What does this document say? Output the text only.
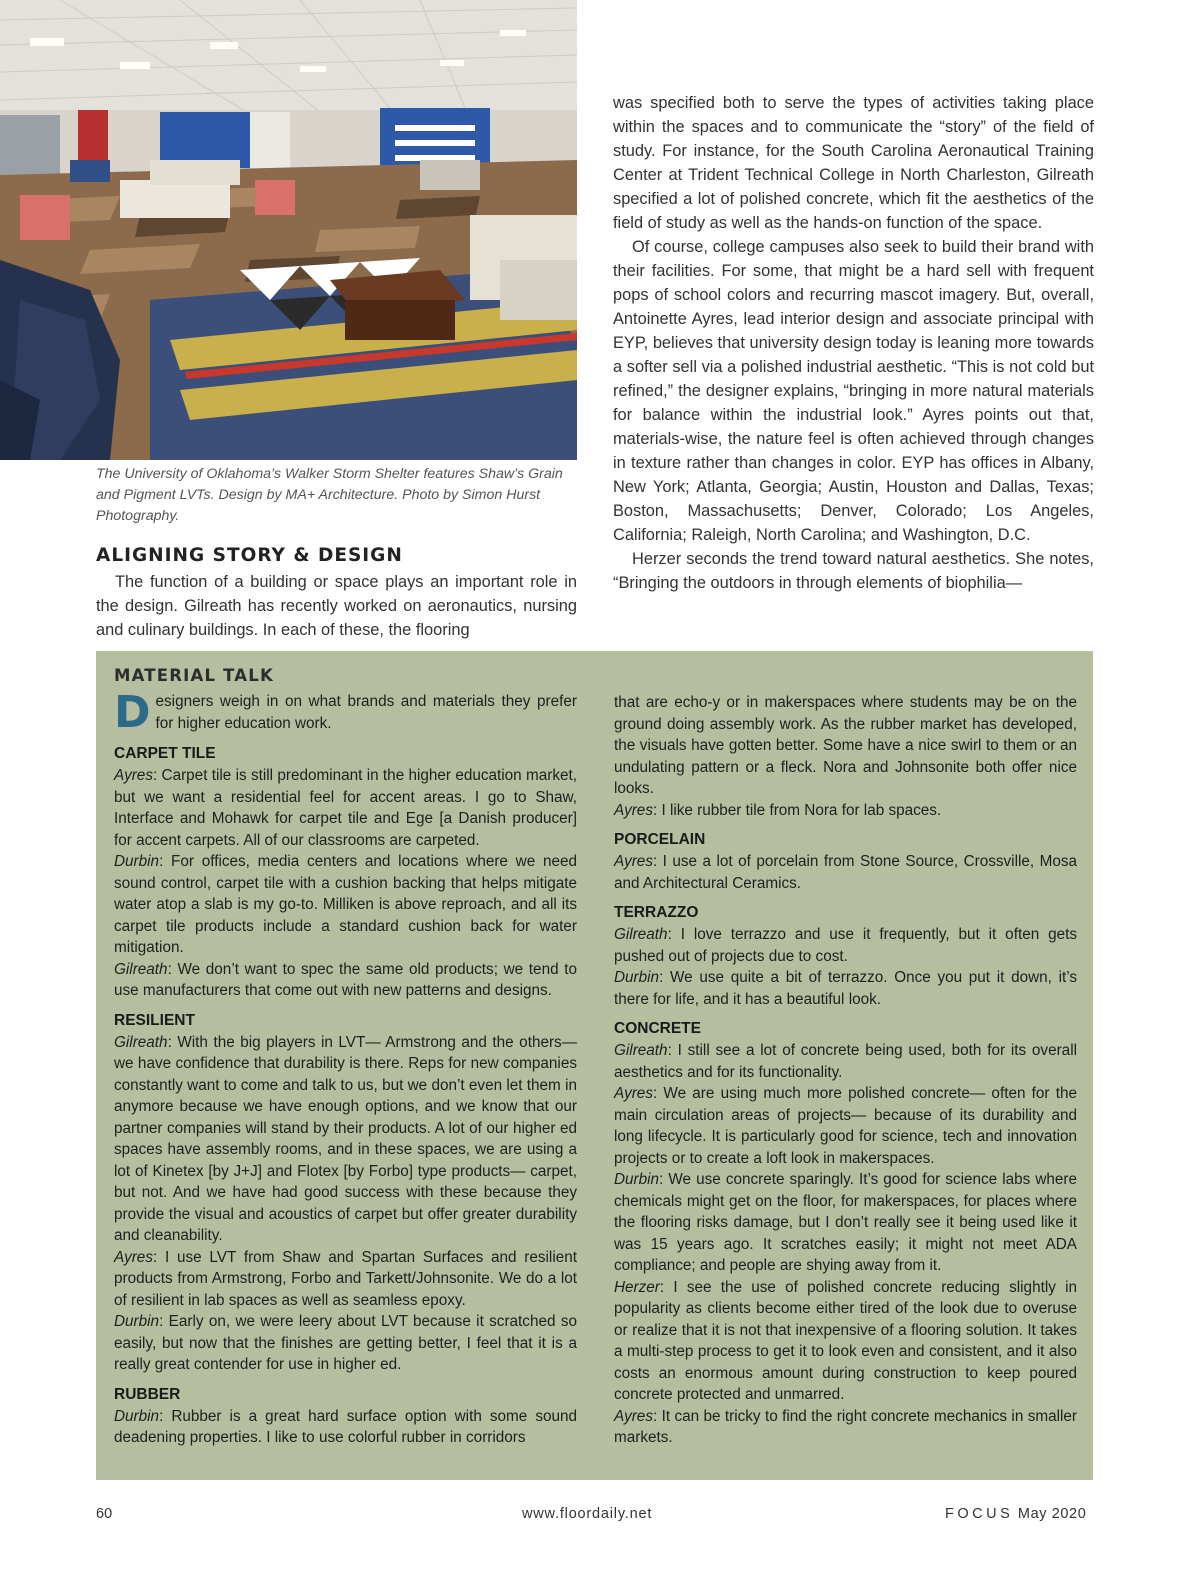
The University of Oklahoma’s Walker Storm Shelter features Shaw’s Grain and Pigment LVTs. Design by MA+ Architecture. Photo by Simon Hurst Photography.
ALIGNING STORY & DESIGN

The function of a building or space plays an important role in the design. Gilreath has recently worked on aeronautics, nursing and culinary buildings. In each of these, the flooring

was specified both to serve the types of activities taking place within the spaces and to communicate the “story” of the field of study. For instance, for the South Carolina Aeronautical Training Center at Trident Technical College in North Charleston, Gilreath specified a lot of polished concrete, which fit the aesthetics of the field of study as well as the hands-on function of the space.

Of course, college campuses also seek to build their brand with their facilities. For some, that might be a hard sell with frequent pops of school colors and recurring mascot imagery. But, overall, Antoinette Ayres, lead interior design and associate principal with EYP, believes that university design today is leaning more towards a softer sell via a polished industrial aesthetic. “This is not cold but refined,” the designer explains, “bringing in more natural materials for balance within the industrial look.” Ayres points out that, materials-wise, the nature feel is often achieved through changes in texture rather than changes in color. EYP has offices in Albany, New York; Atlanta, Georgia; Austin, Houston and Dallas, Texas; Boston, Massachusetts; Denver, Colorado; Los Angeles, California; Raleigh, North Carolina; and Washington, D.C.

Herzer seconds the trend toward natural aesthetics. She notes, “Bringing the outdoors in through elements of biophilia—

MATERIAL TALK

Designers weigh in on what brands and materials they prefer for higher education work.

CARPET TILE

Ayres: Carpet tile is still predominant in the higher education market, but we want a residential feel for accent areas. I go to Shaw, Interface and Mohawk for carpet tile and Ege [a Danish producer] for accent carpets. All of our classrooms are carpeted.

Durbin: For offices, media centers and locations where we need sound control, carpet tile with a cushion backing that helps mitigate water atop a slab is my go-to. Milliken is above reproach, and all its carpet tile products include a standard cushion back for water mitigation.

Gilreath: We don’t want to spec the same old products; we tend to use manufacturers that come out with new patterns and designs.

RESILIENT

Gilreath: With the big players in LVT— Armstrong and the others— we have confidence that durability is there. Reps for new companies constantly want to come and talk to us, but we don’t even let them in anymore because we have enough options, and we know that our partner companies will stand by their products. A lot of our higher ed spaces have assembly rooms, and in these spaces, we are using a lot of Kinetex [by J+J] and Flotex [by Forbo] type products— carpet, but not. And we have had good success with these because they provide the visual and acoustics of carpet but offer greater durability and cleanability.

Ayres: I use LVT from Shaw and Spartan Surfaces and resilient products from Armstrong, Forbo and Tarkett/Johnsonite. We do a lot of resilient in lab spaces as well as seamless epoxy.

Durbin: Early on, we were leery about LVT because it scratched so easily, but now that the finishes are getting better, I feel that it is a really great contender for use in higher ed.

RUBBER

Durbin: Rubber is a great hard surface option with some sound deadening properties. I like to use colorful rubber in corridors

that are echo-y or in makerspaces where students may be on the ground doing assembly work. As the rubber market has developed, the visuals have gotten better. Some have a nice swirl to them or an undulating pattern or a fleck. Nora and Johnsonite both offer nice looks.

Ayres: I like rubber tile from Nora for lab spaces.

PORCELAIN

Ayres: I use a lot of porcelain from Stone Source, Crossville, Mosa and Architectural Ceramics.

TERRAZZO

Gilreath: I love terrazzo and use it frequently, but it often gets pushed out of projects due to cost.

Durbin: We use quite a bit of terrazzo. Once you put it down, it’s there for life, and it has a beautiful look.

CONCRETE

Gilreath: I still see a lot of concrete being used, both for its overall aesthetics and for its functionality.

Ayres: We are using much more polished concrete— often for the main circulation areas of projects— because of its durability and long lifecycle. It is particularly good for science, tech and innovation projects or to create a loft look in makerspaces.

Durbin: We use concrete sparingly. It’s good for science labs where chemicals might get on the floor, for makerspaces, for places where the flooring risks damage, but I don’t really see it being used like it was 15 years ago. It scratches easily; it might not meet ADA compliance; and people are shying away from it.

Herzer: I see the use of polished concrete reducing slightly in popularity as clients become either tired of the look due to overuse or realize that it is not that inexpensive of a flooring solution. It takes a multi-step process to get it to look even and consistent, and it also costs an enormous amount during construction to keep poured concrete protected and unmarred.

Ayres: It can be tricky to find the right concrete mechanics in smaller markets.

60	www.floordaily.net	FOCUS May 2020
